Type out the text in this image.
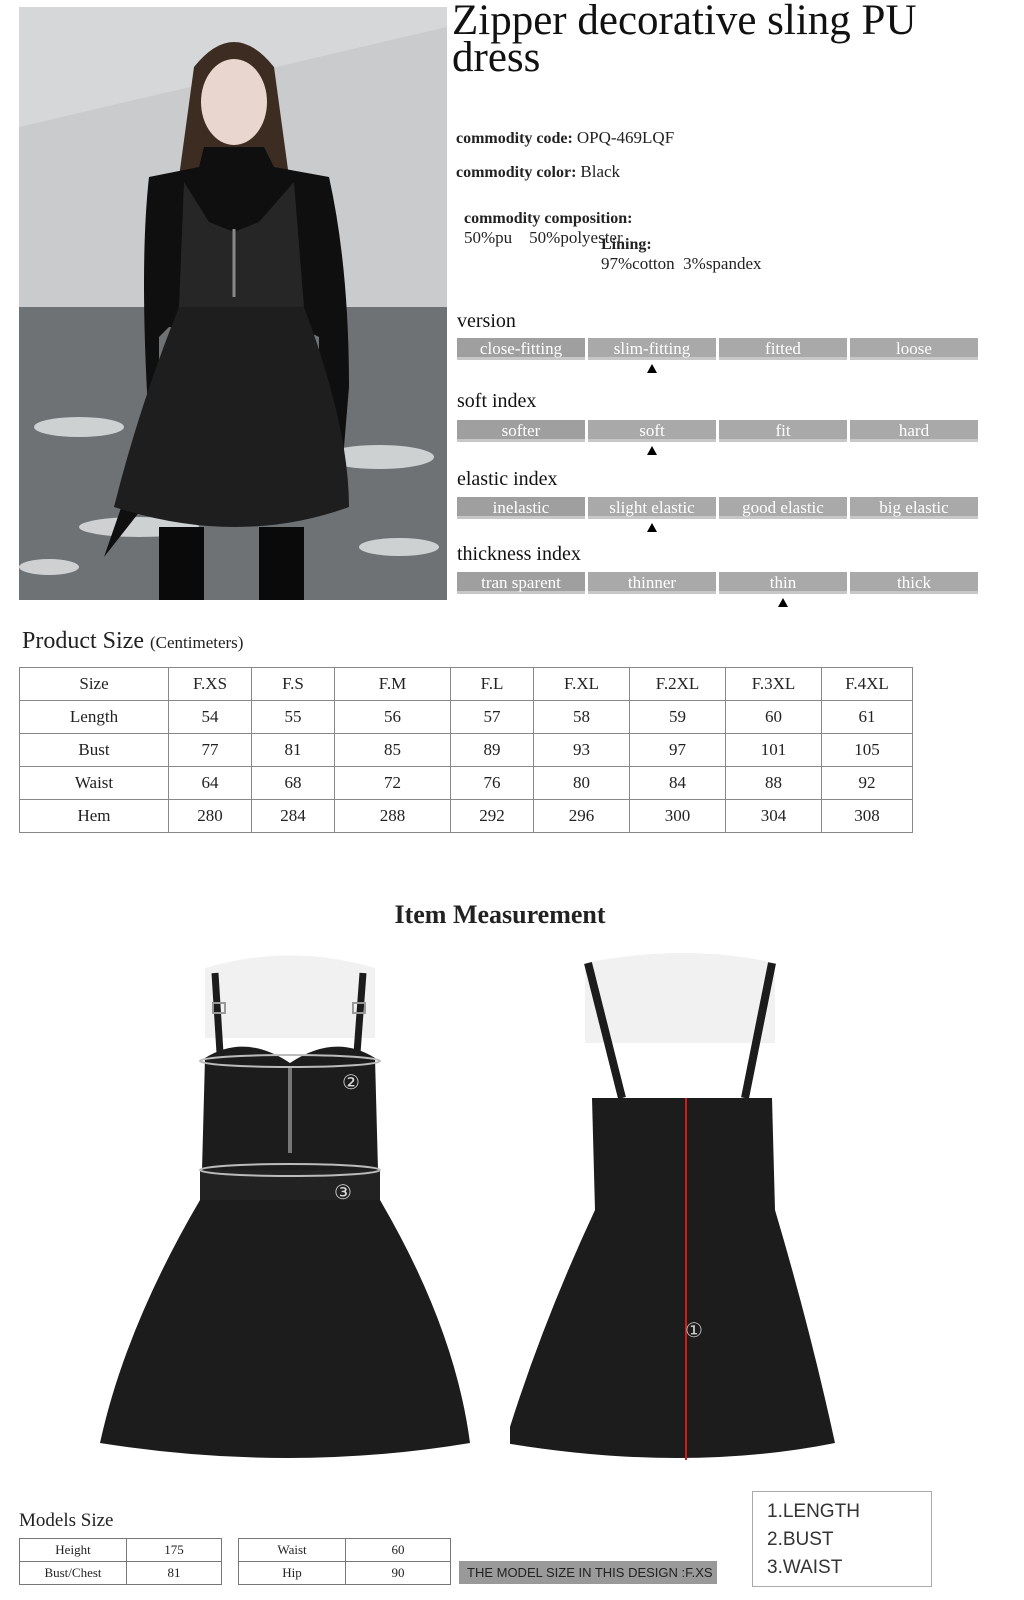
Zipper decorative sling PU dress
commodity code: OPQ-469LQF
commodity color: Black

commodity composition:
50%pu    50%polyester

Lining:
97%cotton  3%spandex

version
close-fitting	slim-fitting	fitted	loose
soft index
softer	soft	fit	hard
elastic index
inelastic	slight elastic	good elastic	big elastic
thickness index
tran sparent	thinner	thin	thick
Product Size (Centimeters)
Size	F.XS	F.S	F.M	F.L	F.XL	F.2XL	F.3XL	F.4XL
Length	54	55	56	57	58	59	60	61
Bust	77	81	85	89	93	97	101	105
Waist	64	68	72	76	80	84	88	92
Hem	280	284	288	292	296	300	304	308
Item Measurement
②
③
①
Models Size
Height	175
Bust/Chest	81
Waist	60
Hip	90	THE MODEL SIZE IN THIS DESIGN :F.XS
1.LENGTH
2.BUST
3.WAIST
